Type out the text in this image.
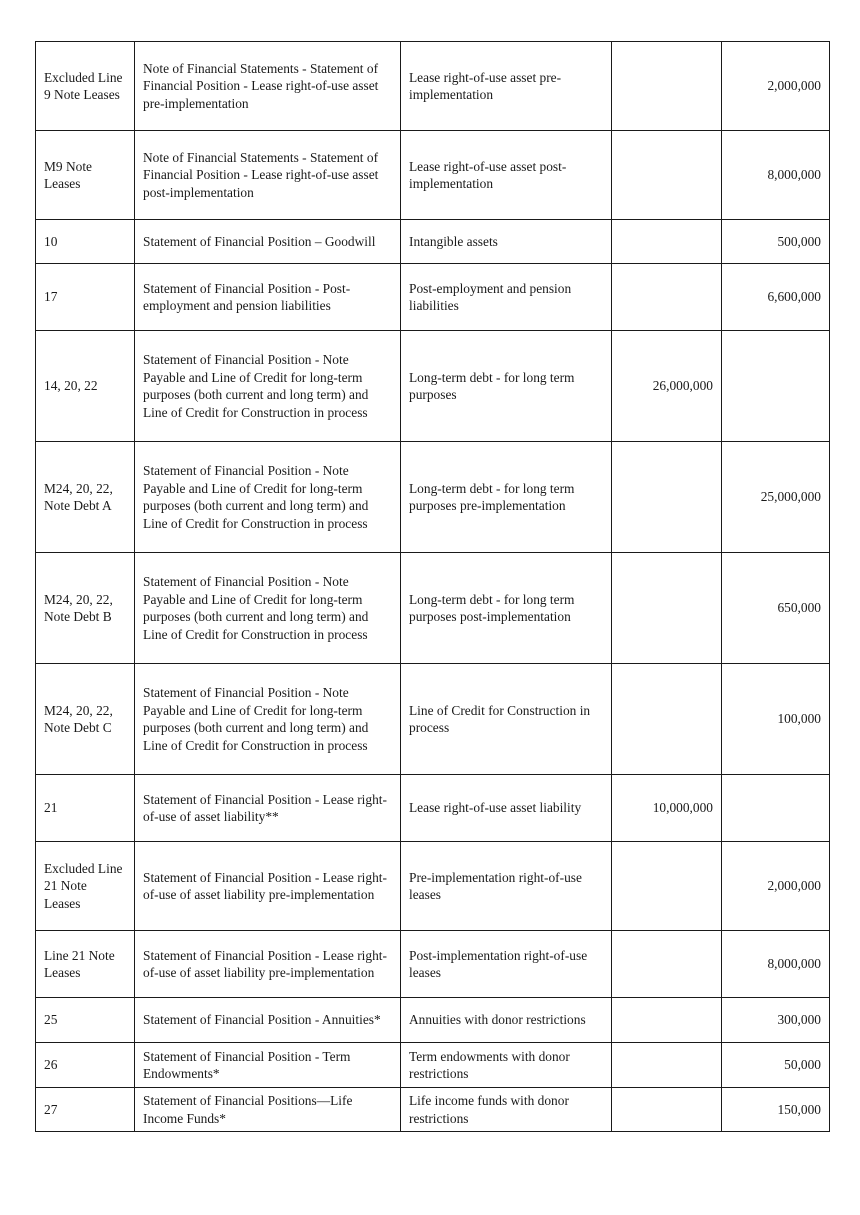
Excluded Line 9 Note Leases	Note of Financial Statements - Statement of Financial Position - Lease right-of-use asset pre-implementation	Lease right-of-use asset pre-implementation		2,000,000

M9 Note Leases	Note of Financial Statements - Statement of Financial Position - Lease right-of-use asset post-implementation	Lease right-of-use asset post-implementation		8,000,000

10	Statement of Financial Position – Goodwill	Intangible assets		500,000

17	Statement of Financial Position - Post-employment and pension liabilities	Post-employment and pension liabilities		6,600,000

14, 20, 22	Statement of Financial Position - Note Payable and Line of Credit for long-term purposes (both current and long term) and Line of Credit for Construction in process	Long-term debt - for long term purposes	26,000,000	

M24, 20, 22, Note Debt A	Statement of Financial Position - Note Payable and Line of Credit for long-term purposes (both current and long term) and Line of Credit for Construction in process	Long-term debt - for long term purposes pre-implementation		25,000,000

M24, 20, 22, Note Debt B	Statement of Financial Position - Note Payable and Line of Credit for long-term purposes (both current and long term) and Line of Credit for Construction in process	Long-term debt - for long term purposes post-implementation		650,000

M24, 20, 22, Note Debt C	Statement of Financial Position - Note Payable and Line of Credit for long-term purposes (both current and long term) and Line of Credit for Construction in process	Line of Credit for Construction in process		100,000

21	Statement of Financial Position - Lease right-of-use of asset liability**	Lease right-of-use asset liability	10,000,000	

Excluded Line 21 Note Leases	Statement of Financial Position - Lease right-of-use of asset liability pre-implementation	Pre-implementation right-of-use leases		2,000,000

Line 21 Note Leases	Statement of Financial Position - Lease right-of-use of asset liability pre-implementation	Post-implementation right-of-use leases		8,000,000

25	Statement of Financial Position - Annuities*	Annuities with donor restrictions		300,000

26	Statement of Financial Position - Term Endowments*	Term endowments with donor restrictions		50,000

27	Statement of Financial Positions—Life Income Funds*	Life income funds with donor restrictions		150,000
